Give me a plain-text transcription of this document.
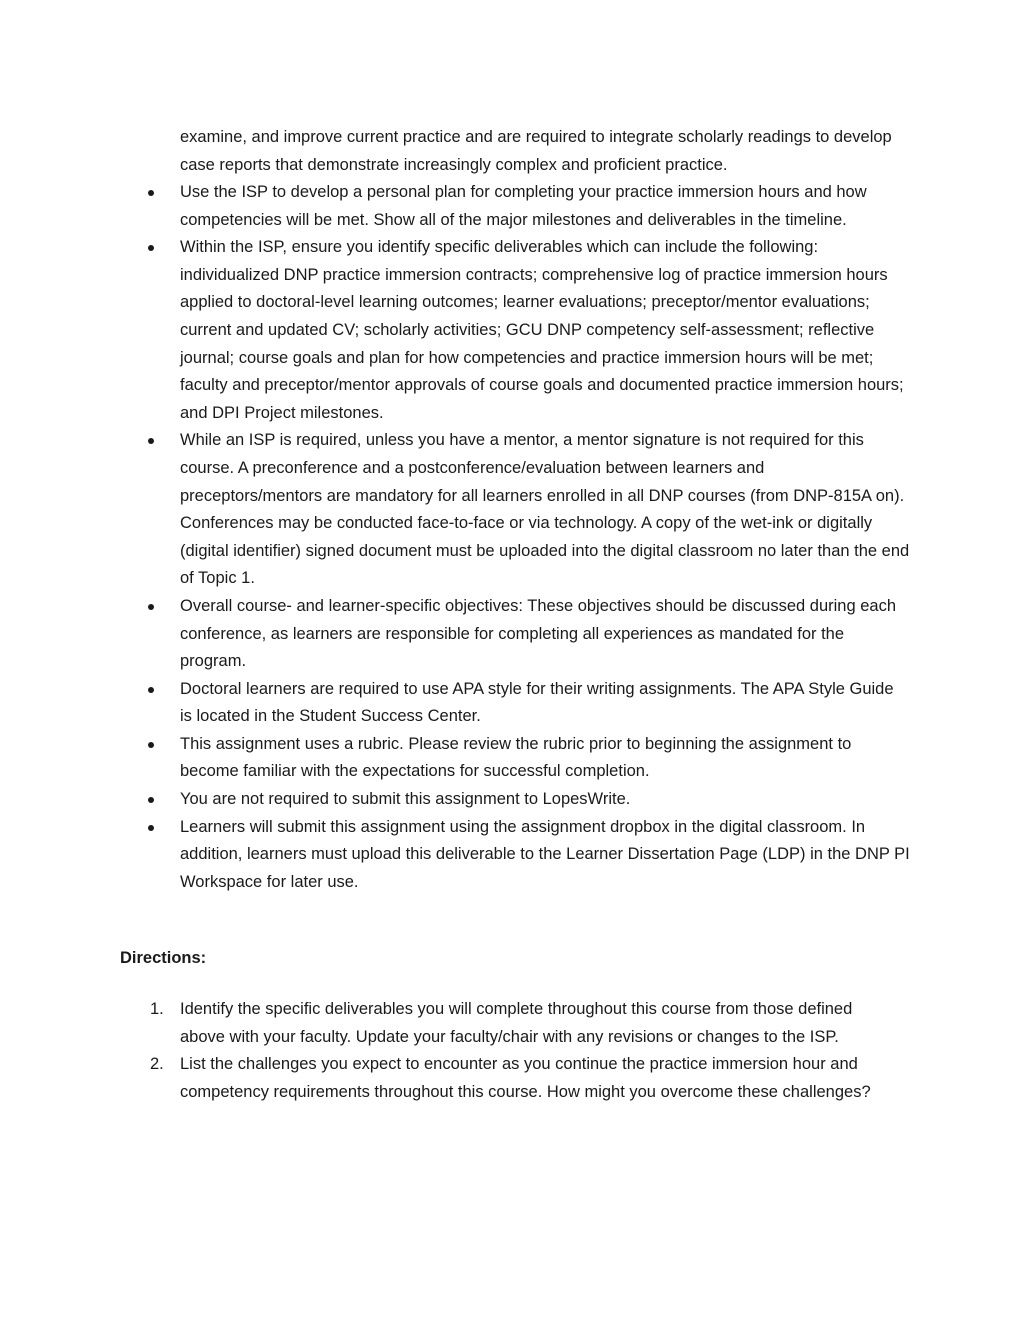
examine, and improve current practice and are required to integrate scholarly readings to develop case reports that demonstrate increasingly complex and proficient practice.

Use the ISP to develop a personal plan for completing your practice immersion hours and how competencies will be met. Show all of the major milestones and deliverables in the timeline.
Within the ISP, ensure you identify specific deliverables which can include the following: individualized DNP practice immersion contracts; comprehensive log of practice immersion hours applied to doctoral-level learning outcomes; learner evaluations; preceptor/mentor evaluations; current and updated CV; scholarly activities; GCU DNP competency self-assessment; reflective journal; course goals and plan for how competencies and practice immersion hours will be met; faculty and preceptor/mentor approvals of course goals and documented practice immersion hours; and DPI Project milestones.
While an ISP is required, unless you have a mentor, a mentor signature is not required for this course. A preconference and a postconference/evaluation between learners and preceptors/mentors are mandatory for all learners enrolled in all DNP courses (from DNP-815A on). Conferences may be conducted face-to-face or via technology. A copy of the wet-ink or digitally (digital identifier) signed document must be uploaded into the digital classroom no later than the end of Topic 1.
Overall course- and learner-specific objectives: These objectives should be discussed during each conference, as learners are responsible for completing all experiences as mandated for the program.
Doctoral learners are required to use APA style for their writing assignments. The APA Style Guide is located in the Student Success Center.
This assignment uses a rubric. Please review the rubric prior to beginning the assignment to become familiar with the expectations for successful completion.
You are not required to submit this assignment to LopesWrite.
Learners will submit this assignment using the assignment dropbox in the digital classroom. In addition, learners must upload this deliverable to the Learner Dissertation Page (LDP) in the DNP PI Workspace for later use.
Directions:
1. Identify the specific deliverables you will complete throughout this course from those defined above with your faculty. Update your faculty/chair with any revisions or changes to the ISP.
2. List the challenges you expect to encounter as you continue the practice immersion hour and competency requirements throughout this course. How might you overcome these challenges?
